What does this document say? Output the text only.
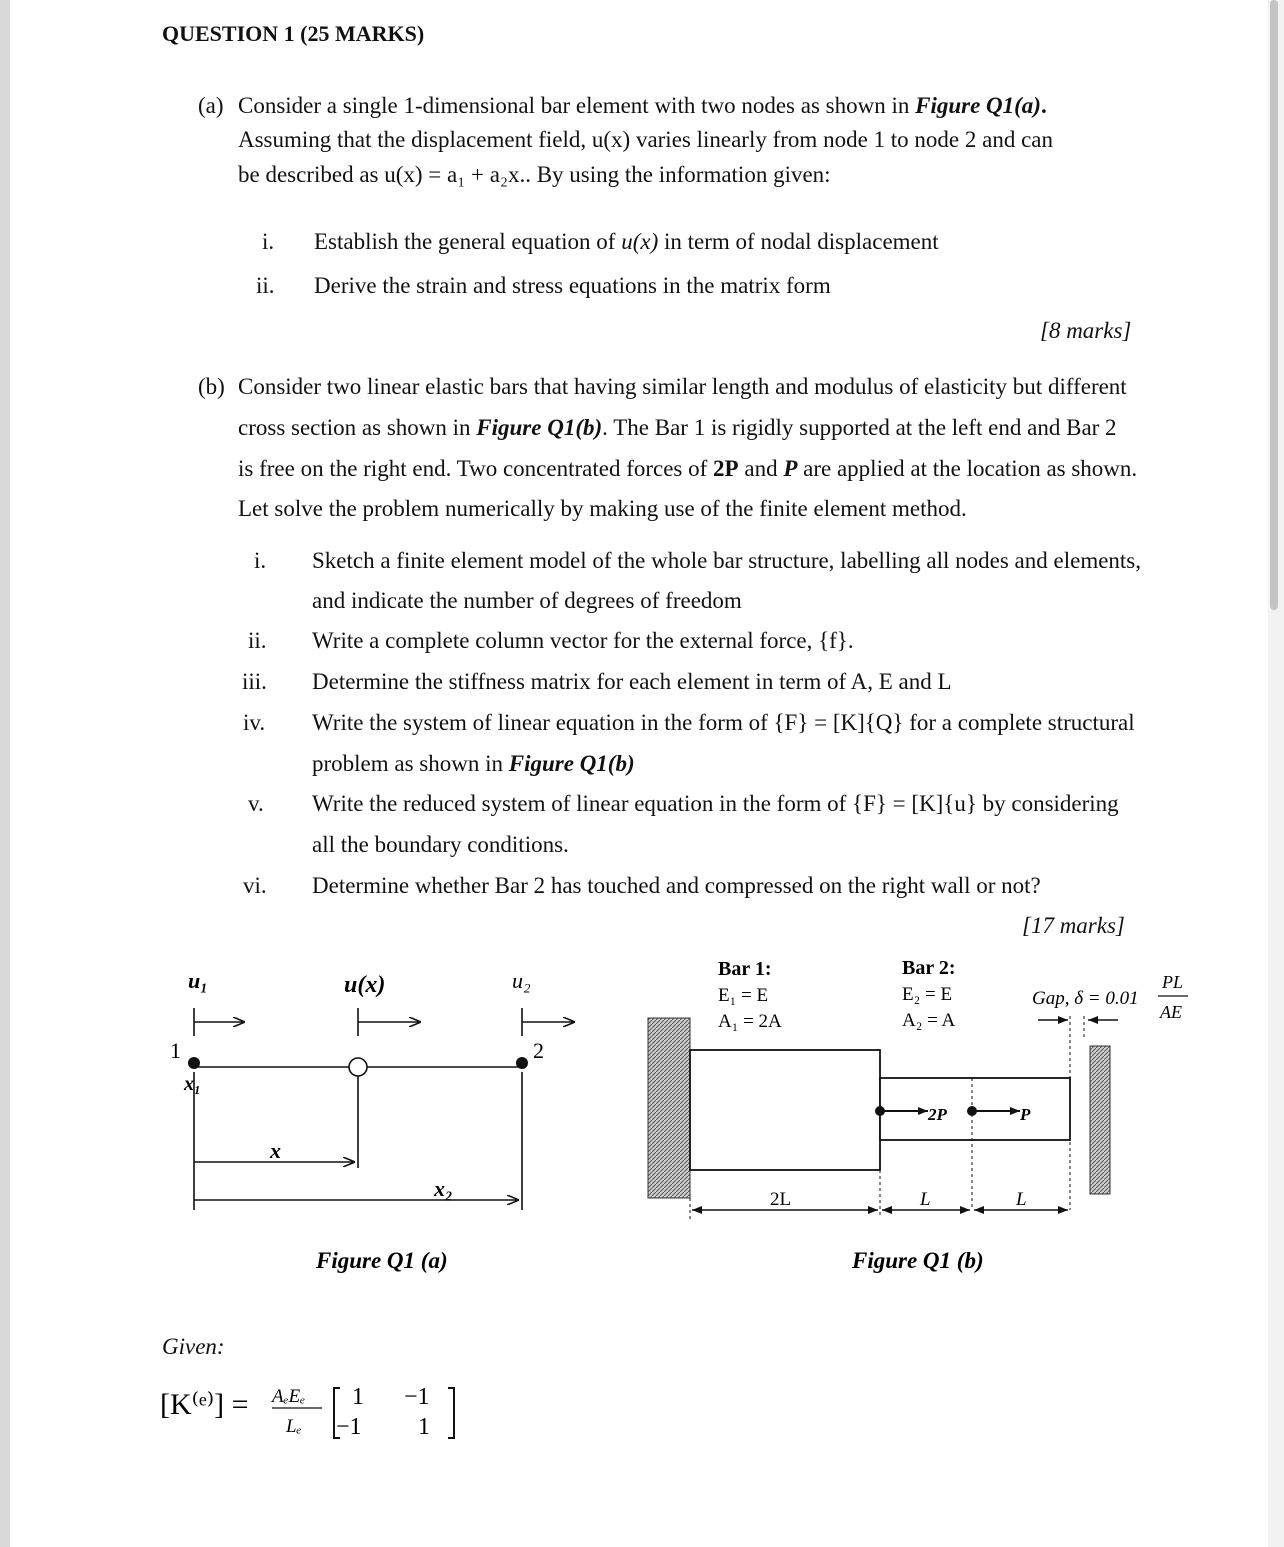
QUESTION 1 (25 MARKS)
(a) Consider a single 1-dimensional bar element with two nodes as shown in Figure Q1(a).
Assuming that the displacement field, u(x) varies linearly from node 1 to node 2 and can
be described as u(x) = a₁ + a₂x.. By using the information given:
i. Establish the general equation of u(x) in term of nodal displacement
ii. Derive the strain and stress equations in the matrix form
[8 marks]
(b) Consider two linear elastic bars that having similar length and modulus of elasticity but different
cross section as shown in Figure Q1(b). The Bar 1 is rigidly supported at the left end and Bar 2
is free on the right end. Two concentrated forces of 2P and P are applied at the location as shown.
Let solve the problem numerically by making use of the finite element method.
i. Sketch a finite element model of the whole bar structure, labelling all nodes and elements,
and indicate the number of degrees of freedom
ii. Write a complete column vector for the external force, {f}.
iii. Determine the stiffness matrix for each element in term of A, E and L
iv. Write the system of linear equation in the form of {F} = [K]{Q} for a complete structural
problem as shown in Figure Q1(b)
v. Write the reduced system of linear equation in the form of {F} = [K]{u} by considering
all the boundary conditions.
vi. Determine whether Bar 2 has touched and compressed on the right wall or not?
[17 marks]
u₁	u(x)	u₂
1	2
x₁
x
x₂
Figure Q1 (a)
Bar 1:
E₁ = E
A₁ = 2A
Bar 2:
E₂ = E
A₂ = A
Gap, δ = 0.01
PL
AE
2P	P
2L	L	L
Figure Q1 (b)
Given:
[K⁽ᵉ⁾] = AₑEₑ
Lₑ
1 −1
−1 1
